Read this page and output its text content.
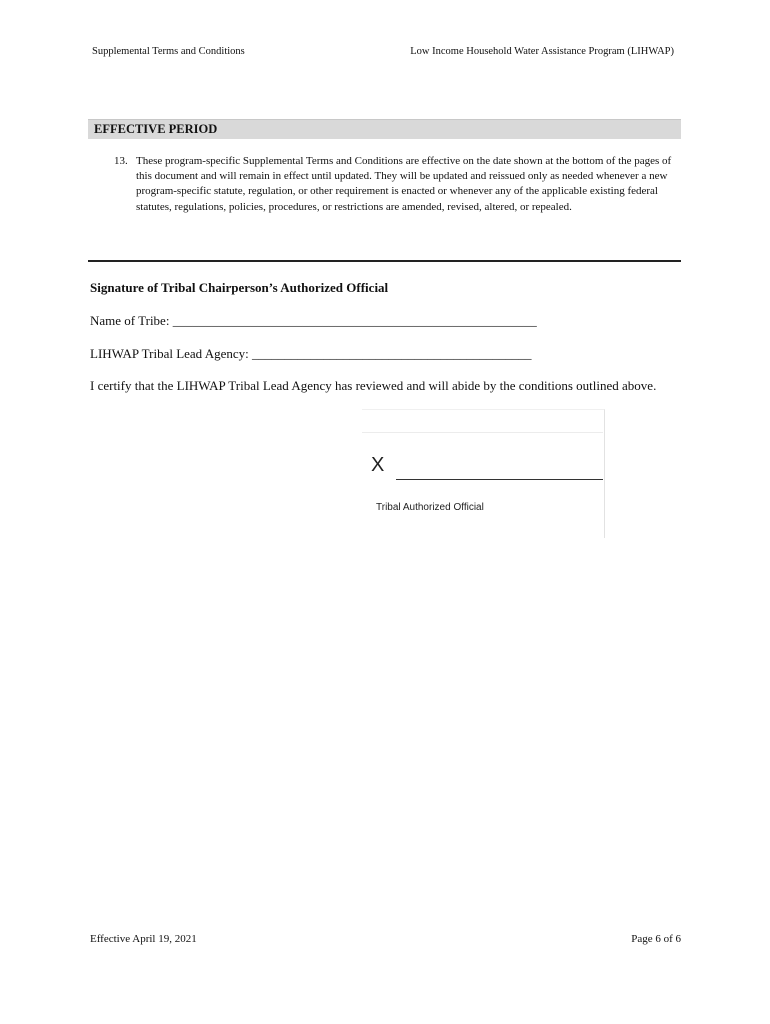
Supplemental Terms and Conditions	Low Income Household Water Assistance Program (LIHWAP)
EFFECTIVE PERIOD
13. These program-specific Supplemental Terms and Conditions are effective on the date shown at the bottom of the pages of this document and will remain in effect until updated. They will be updated and reissued only as needed whenever a new program-specific statute, regulation, or other requirement is enacted or whenever any of the applicable existing federal statutes, regulations, policies, procedures, or restrictions are amended, revised, altered, or repealed.
Signature of Tribal Chairperson’s Authorized Official
Name of Tribe: ________________________________________________________
LIHWAP Tribal Lead Agency: ___________________________________________
I certify that the LIHWAP Tribal Lead Agency has reviewed and will abide by the conditions outlined above.
X
Tribal Authorized Official
Effective April 19, 2021	Page 6 of 6
